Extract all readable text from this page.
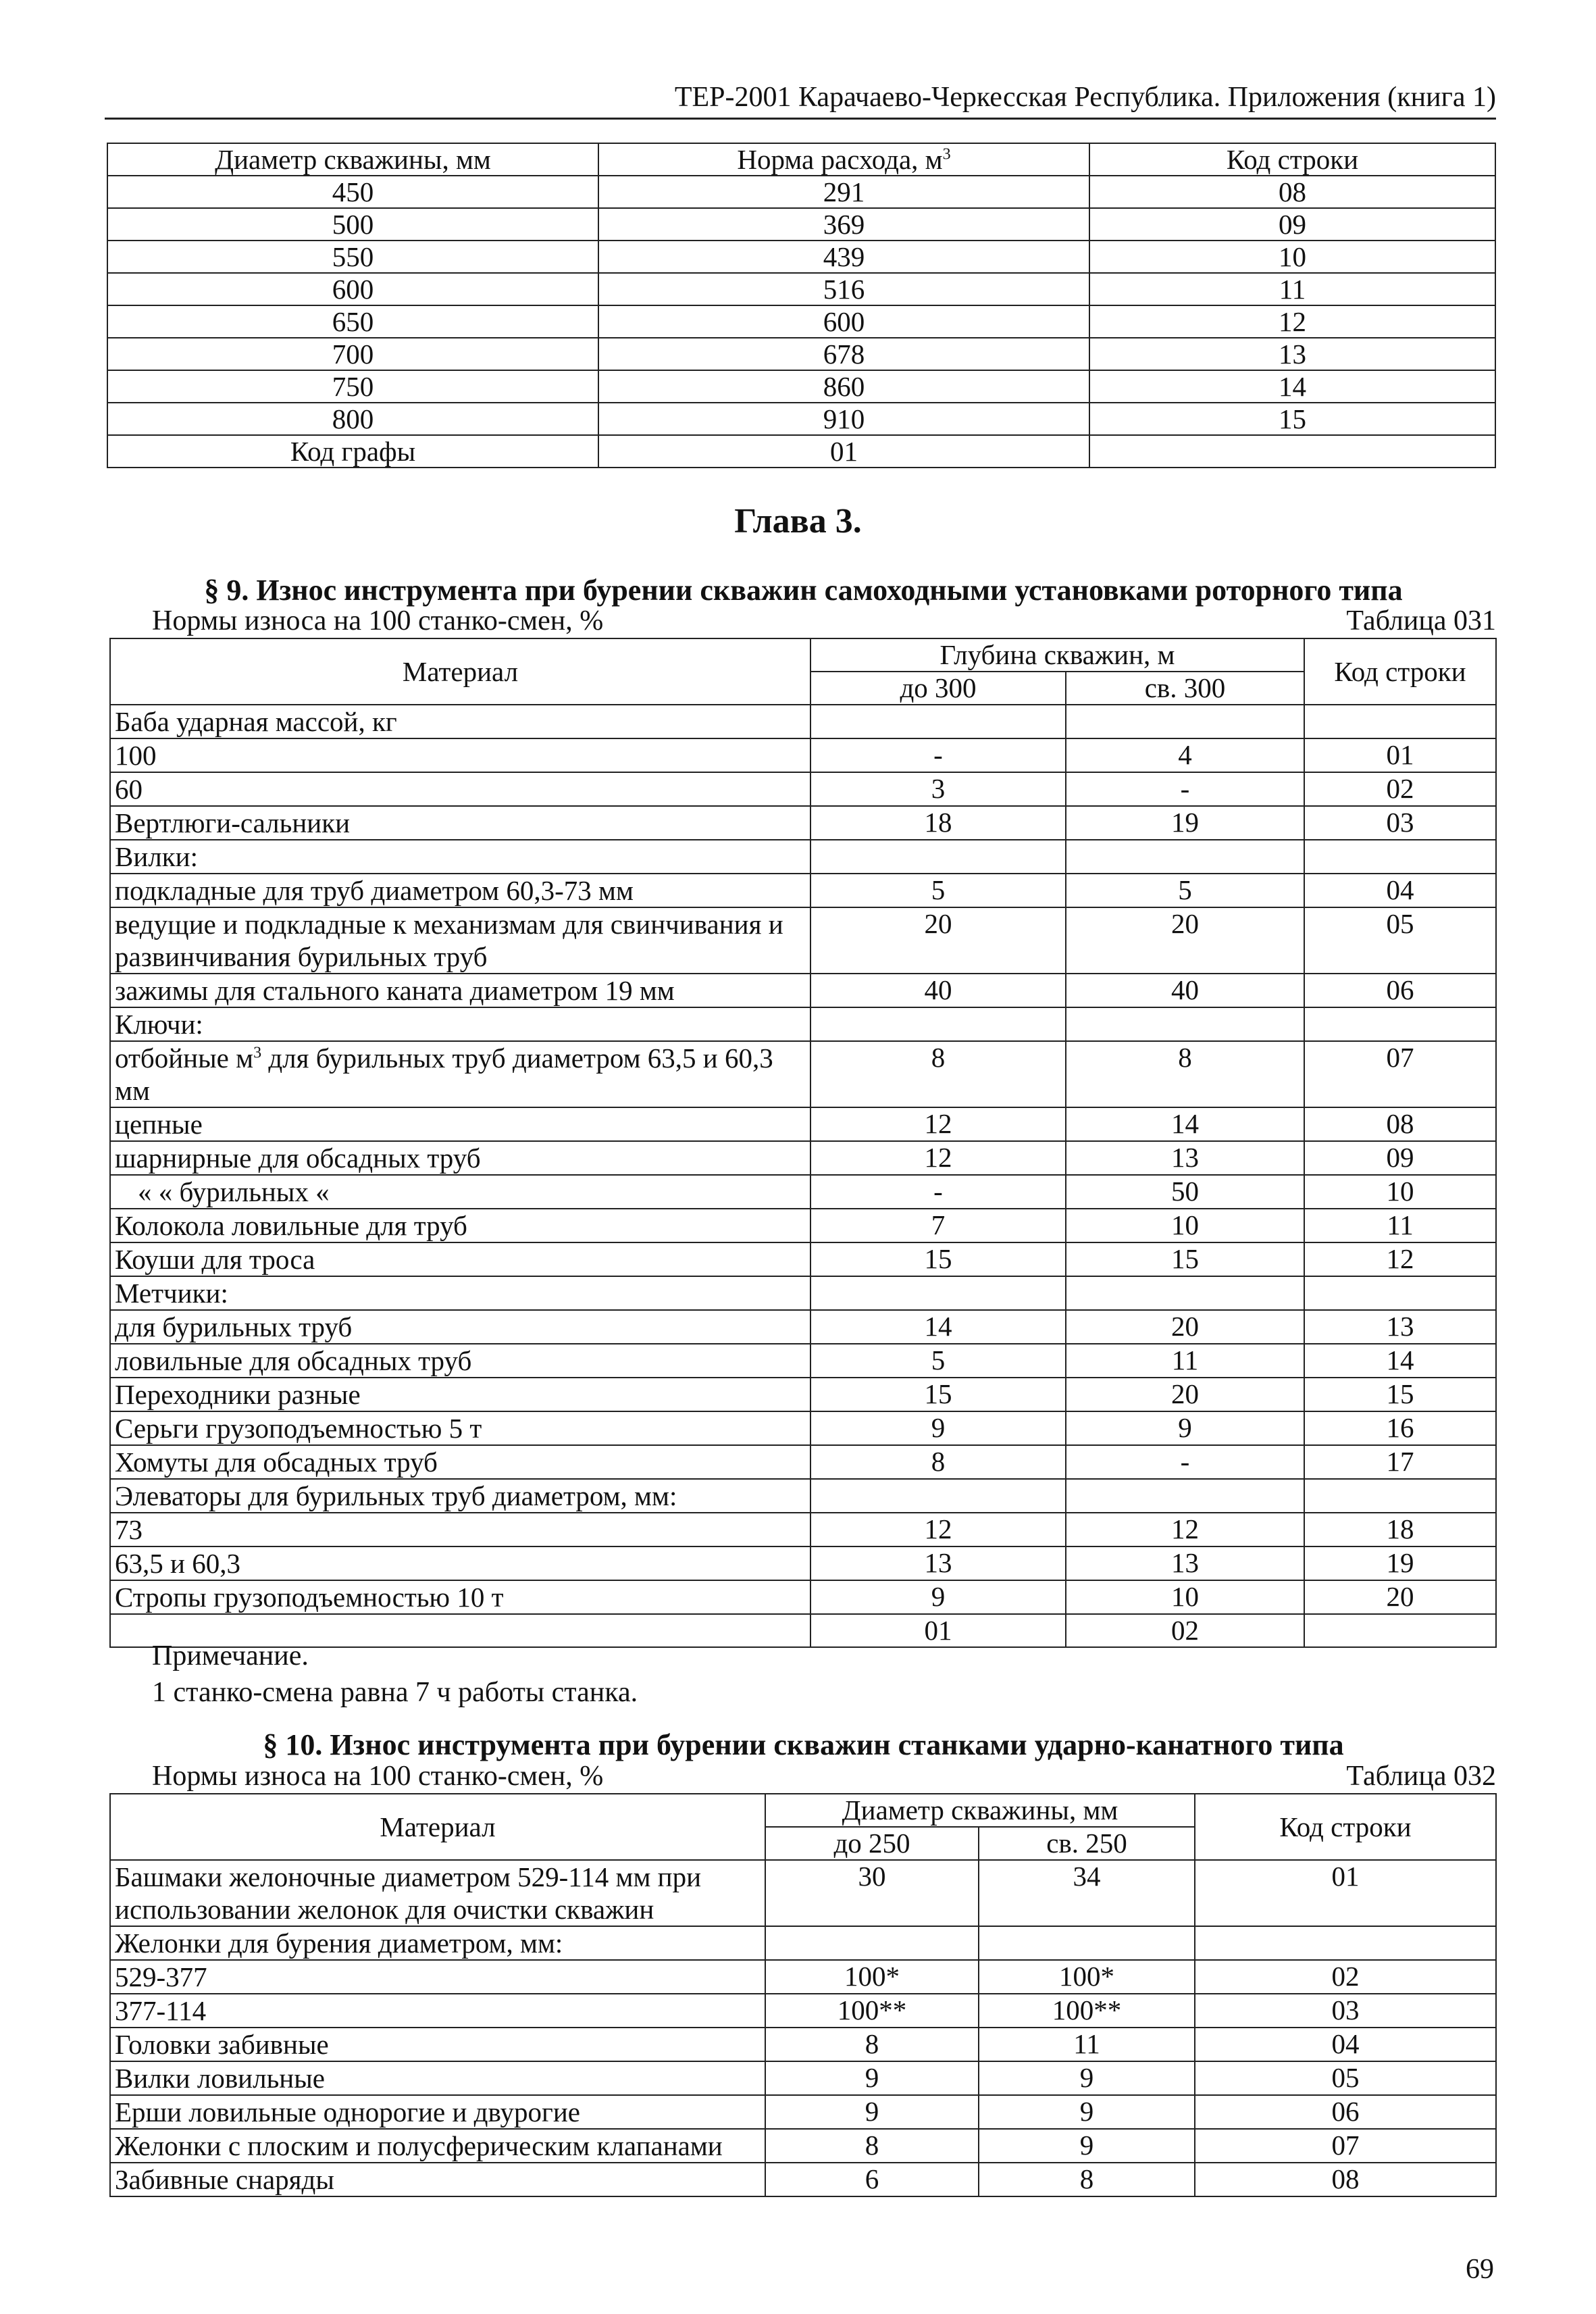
ТЕР-2001 Карачаево-Черкесская Республика. Приложения (книга 1)
Диаметр скважины, мм	Норма расхода, $м^3$	Код строки
450	291	08
500	369	09
550	439	10
600	516	11
650	600	12
700	678	13
750	860	14
800	910	15
Код графы	01	
Глава 3.
§ 9. Износ инструмента при бурении скважин самоходными установками роторного типа
Нормы износа на 100 станко-смен, %	Таблица 031
Материал	Глубина скважин, м		Код строки
	до 300	св. 300	
Баба ударная массой, кг			
100	-	4	01
60	3	-	02
Вертлюги-сальники	18	19	03
Вилки:			
подкладные для труб диаметром 60,3-73 мм	5	5	04
ведущие и подкладные к механизмам для свинчивания и развинчивания бурильных труб	20	20	05
зажимы для стального каната диаметром 19 мм	40	40	06
Ключи:			
отбойные $м^3$ для бурильных труб диаметром 63,5 и 60,3 мм	8	8	07
цепные	12	14	08
шарнирные для обсадных труб	12	13	09
« « бурильных «	-	50	10
Колокола ловильные для труб	7	10	11
Коуши для троса	15	15	12
Метчики:			
для бурильных труб	14	20	13
ловильные для обсадных труб	5	11	14
Переходники разные	15	20	15
Серьги грузоподъемностью 5 т	9	9	16
Хомуты для обсадных труб	8	-	17
Элеваторы для бурильных труб диаметром, мм:			
73	12	12	18
63,5 и 60,3	13	13	19
Стропы грузоподъемностью 10 т	9	10	20
	01	02	
Примечание.
1 станко-смена равна 7 ч работы станка.
§ 10. Износ инструмента при бурении скважин станками ударно-канатного типа
Нормы износа на 100 станко-смен, %	Таблица 032
Материал	Диаметр скважины, мм		Код строки
	до 250	св. 250	
Башмаки желоночные диаметром 529-114 мм при использовании желонок для очистки скважин	30	34	01
Желонки для бурения диаметром, мм:			
529-377	100*	100*	02
377-114	100**	100**	03
Головки забивные	8	11	04
Вилки ловильные	9	9	05
Ерши ловильные однорогие и двурогие	9	9	06
Желонки с плоским и полусферическим клапанами	8	9	07
Забивные снаряды	6	8	08
69
